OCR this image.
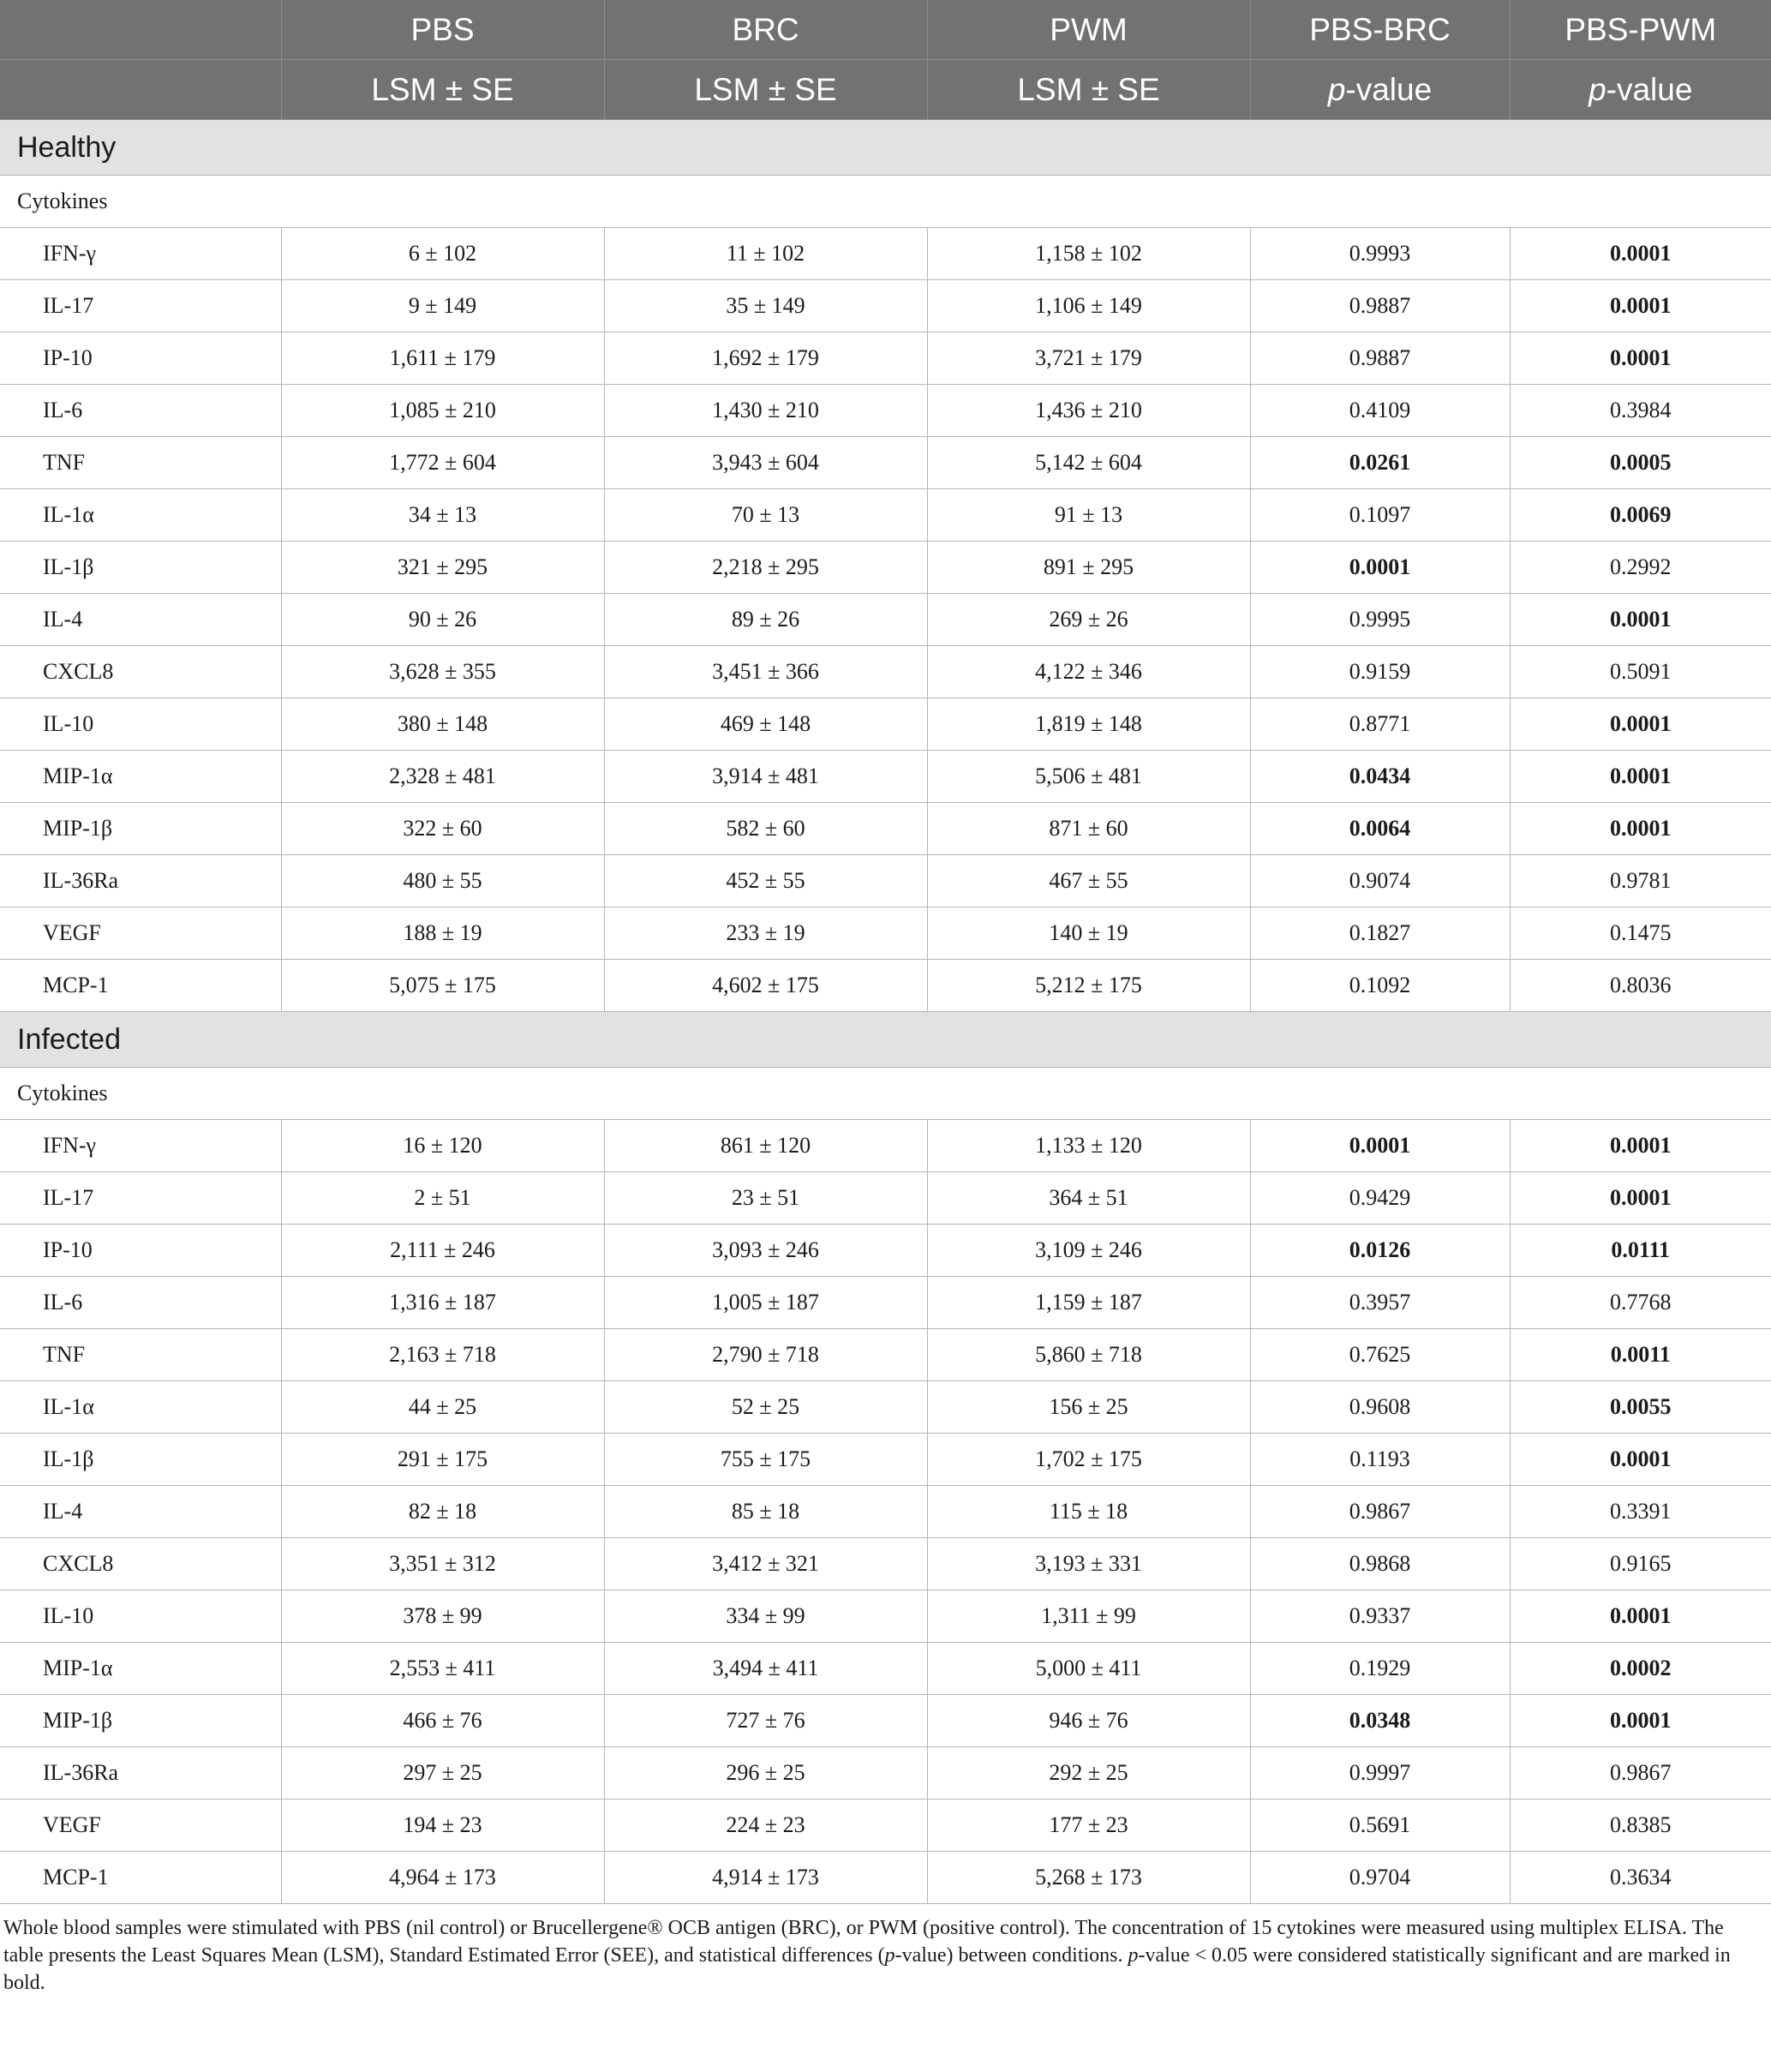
	PBS	BRC	PWM	PBS-BRC	PBS-PWM
	LSM ± SE	LSM ± SE	LSM ± SE	p-value	p-value
Healthy					
Cytokines					
IFN-γ	6 ± 102	11 ± 102	1,158 ± 102	0.9993	0.0001
IL-17	9 ± 149	35 ± 149	1,106 ± 149	0.9887	0.0001
IP-10	1,611 ± 179	1,692 ± 179	3,721 ± 179	0.9887	0.0001
IL-6	1,085 ± 210	1,430 ± 210	1,436 ± 210	0.4109	0.3984
TNF	1,772 ± 604	3,943 ± 604	5,142 ± 604	0.0261	0.0005
IL-1α	34 ± 13	70 ± 13	91 ± 13	0.1097	0.0069
IL-1β	321 ± 295	2,218 ± 295	891 ± 295	0.0001	0.2992
IL-4	90 ± 26	89 ± 26	269 ± 26	0.9995	0.0001
CXCL8	3,628 ± 355	3,451 ± 366	4,122 ± 346	0.9159	0.5091
IL-10	380 ± 148	469 ± 148	1,819 ± 148	0.8771	0.0001
MIP-1α	2,328 ± 481	3,914 ± 481	5,506 ± 481	0.0434	0.0001
MIP-1β	322 ± 60	582 ± 60	871 ± 60	0.0064	0.0001
IL-36Ra	480 ± 55	452 ± 55	467 ± 55	0.9074	0.9781
VEGF	188 ± 19	233 ± 19	140 ± 19	0.1827	0.1475
MCP-1	5,075 ± 175	4,602 ± 175	5,212 ± 175	0.1092	0.8036
Infected					
Cytokines					
IFN-γ	16 ± 120	861 ± 120	1,133 ± 120	0.0001	0.0001
IL-17	2 ± 51	23 ± 51	364 ± 51	0.9429	0.0001
IP-10	2,111 ± 246	3,093 ± 246	3,109 ± 246	0.0126	0.0111
IL-6	1,316 ± 187	1,005 ± 187	1,159 ± 187	0.3957	0.7768
TNF	2,163 ± 718	2,790 ± 718	5,860 ± 718	0.7625	0.0011
IL-1α	44 ± 25	52 ± 25	156 ± 25	0.9608	0.0055
IL-1β	291 ± 175	755 ± 175	1,702 ± 175	0.1193	0.0001
IL-4	82 ± 18	85 ± 18	115 ± 18	0.9867	0.3391
CXCL8	3,351 ± 312	3,412 ± 321	3,193 ± 331	0.9868	0.9165
IL-10	378 ± 99	334 ± 99	1,311 ± 99	0.9337	0.0001
MIP-1α	2,553 ± 411	3,494 ± 411	5,000 ± 411	0.1929	0.0002
MIP-1β	466 ± 76	727 ± 76	946 ± 76	0.0348	0.0001
IL-36Ra	297 ± 25	296 ± 25	292 ± 25	0.9997	0.9867
VEGF	194 ± 23	224 ± 23	177 ± 23	0.5691	0.8385
MCP-1	4,964 ± 173	4,914 ± 173	5,268 ± 173	0.9704	0.3634

Whole blood samples were stimulated with PBS (nil control) or Brucellergene® OCB antigen (BRC), or PWM (positive control). The concentration of 15 cytokines were measured using multiplex ELISA. The table presents the Least Squares Mean (LSM), Standard Estimated Error (SEE), and statistical differences (p-value) between conditions. p-value < 0.05 were considered statistically significant and are marked in bold.
